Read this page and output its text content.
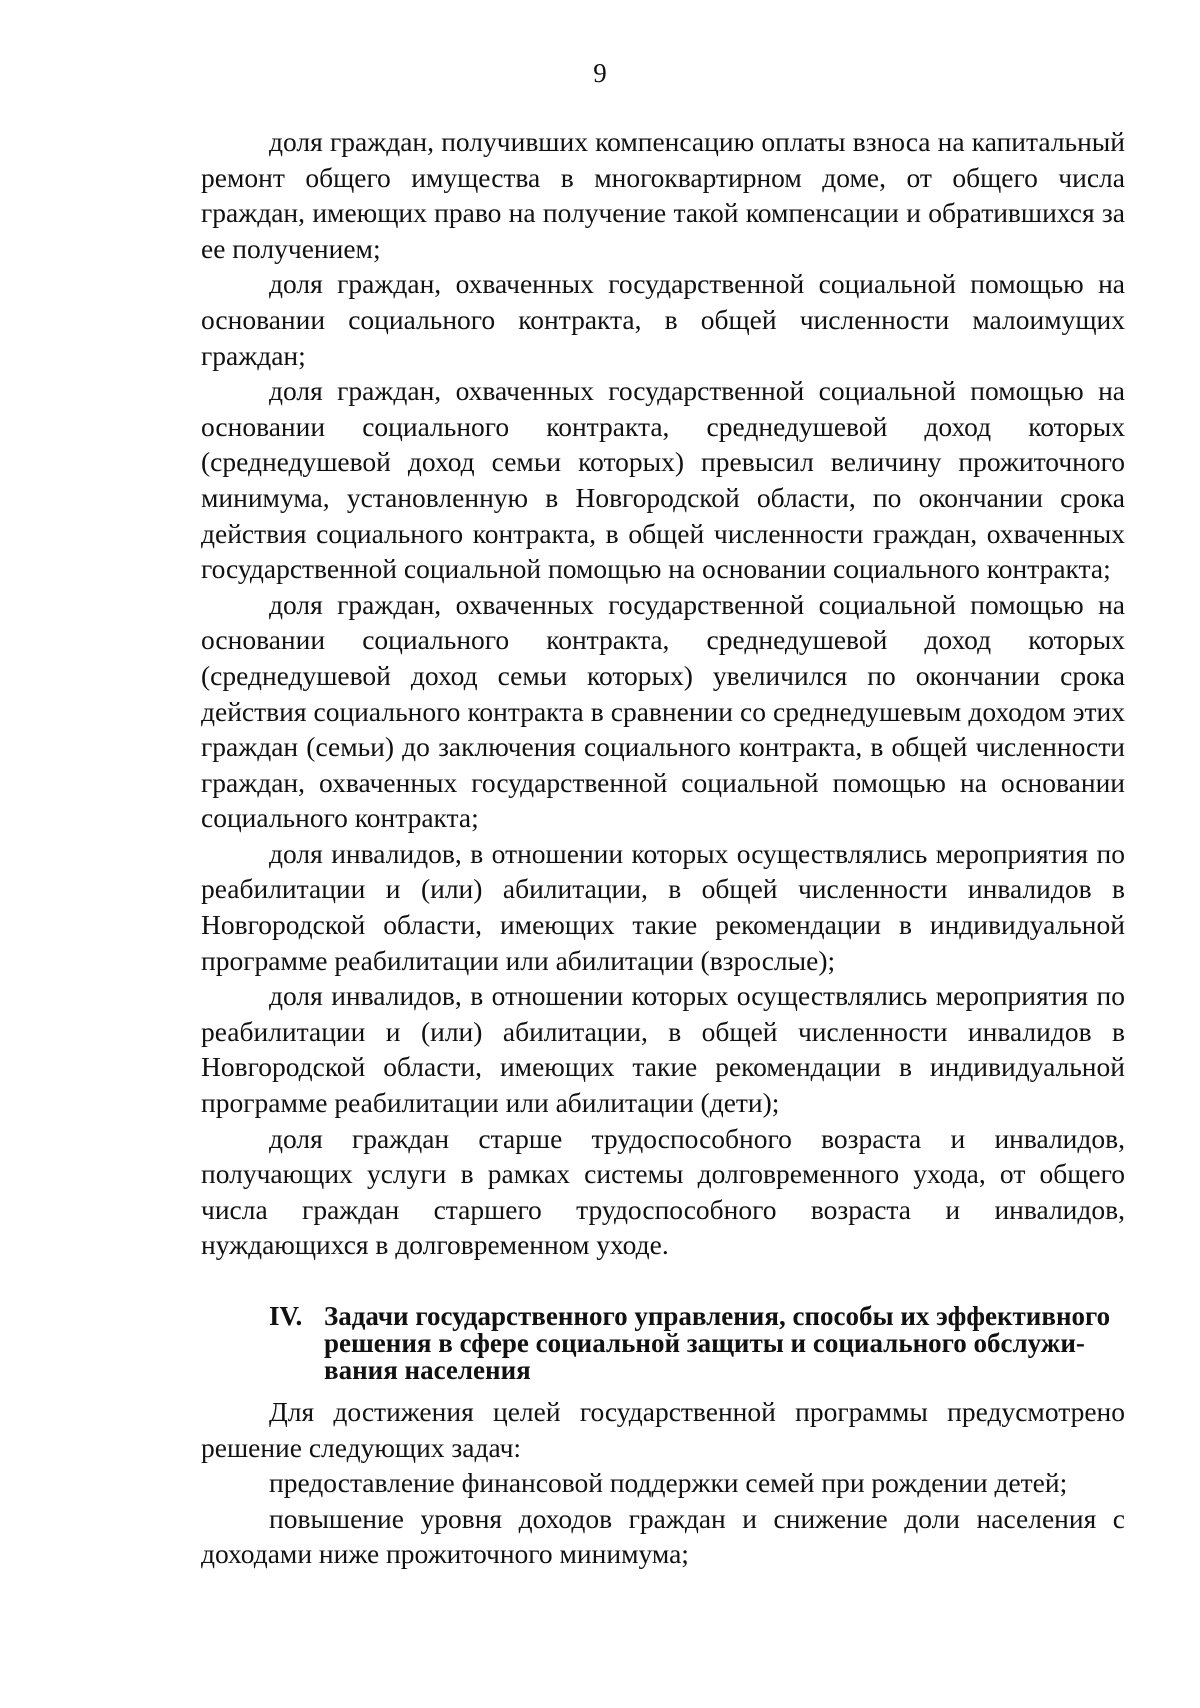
9

доля граждан, получивших компенсацию оплаты взноса на капитальный ремонт общего имущества в многоквартирном доме, от общего числа граждан, имеющих право на получение такой компенсации и обратившихся за ее получением;

доля граждан, охваченных государственной социальной помощью на основании социального контракта, в общей численности малоимущих граждан;

доля граждан, охваченных государственной социальной помощью на основании социального контракта, среднедушевой доход которых (среднедушевой доход семьи которых) превысил величину прожиточного минимума, установленную в Новгородской области, по окончании срока действия социального контракта, в общей численности граждан, охваченных государственной социальной помощью на основании социального контракта;

доля граждан, охваченных государственной социальной помощью на основании социального контракта, среднедушевой доход которых (среднедушевой доход семьи которых) увеличился по окончании срока действия социального контракта в сравнении со среднедушевым доходом этих граждан (семьи) до заключения социального контракта, в общей численности граждан, охваченных государственной социальной помощью на основании социального контракта;

доля инвалидов, в отношении которых осуществлялись мероприятия по реабилитации и (или) абилитации, в общей численности инвалидов в Новгородской области, имеющих такие рекомендации в индивидуальной программе реабилитации или абилитации (взрослые);

доля инвалидов, в отношении которых осуществлялись мероприятия по реабилитации и (или) абилитации, в общей численности инвалидов в Новгородской области, имеющих такие рекомендации в индивидуальной программе реабилитации или абилитации (дети);

доля граждан старше трудоспособного возраста и инвалидов, получающих услуги в рамках системы долговременного ухода, от общего числа граждан старшего трудоспособного возраста и инвалидов, нуждающихся в долговременном уходе.

IV. Задачи государственного управления, способы их эффективного
решения в сфере социальной защиты и социального обслужи-
вания населения

Для достижения целей государственной программы предусмотрено решение следующих задач:

предоставление финансовой поддержки семей при рождении детей;

повышение уровня доходов граждан и снижение доли населения с доходами ниже прожиточного минимума;
